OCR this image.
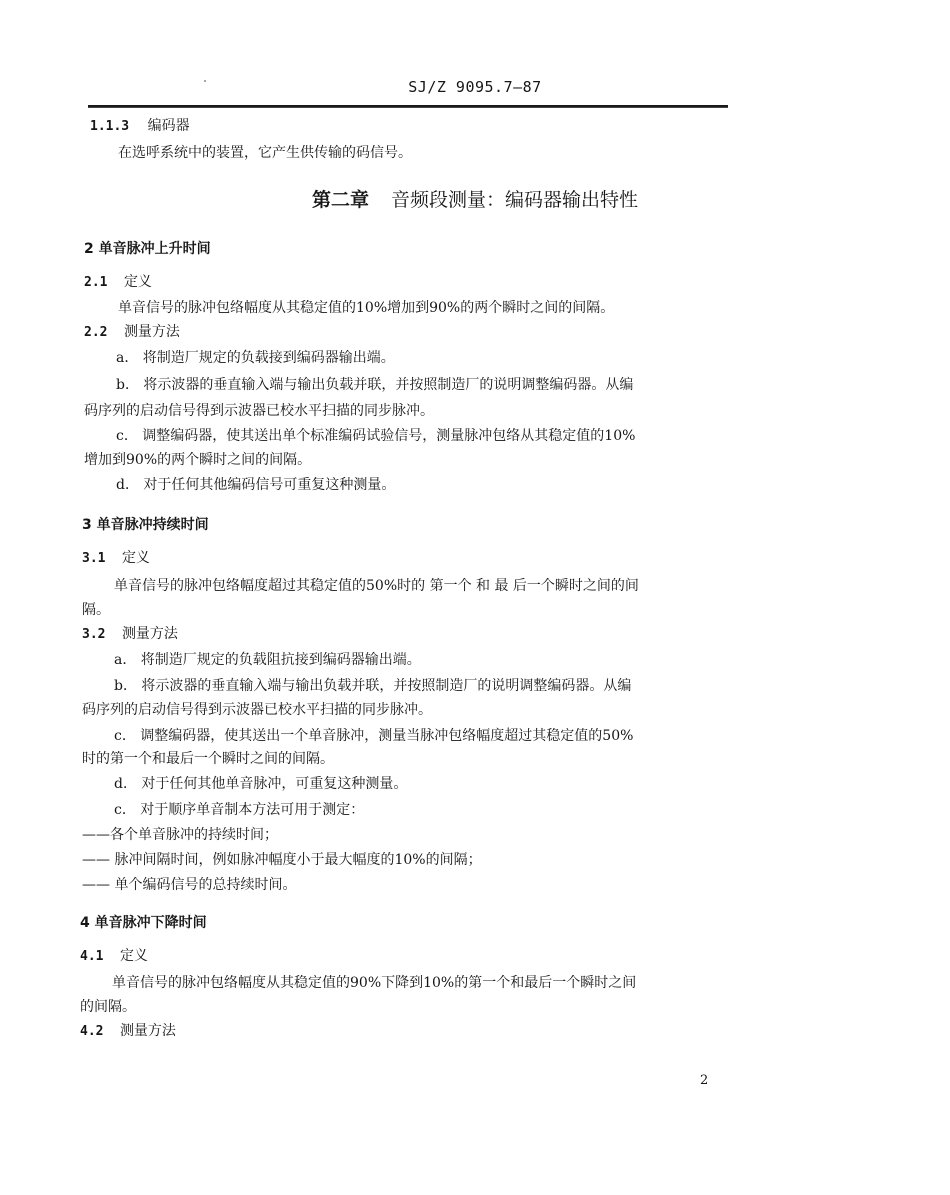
SJ/Z 9095.7—87
1.1.3 编码器
在选呼系统中的装置，它产生供传输的码信号。
第二章 音频段测量：编码器输出特性
2 单音脉冲上升时间
2.1 定义
单音信号的脉冲包络幅度从其稳定值的10%增加到90%的两个瞬时之间的间隔。
2.2 测量方法
a． 将制造厂规定的负载接到编码器输出端。
b． 将示波器的垂直输入端与输出负载并联，并按照制造厂的说明调整编码器。从编
码序列的启动信号得到示波器已校水平扫描的同步脉冲。
c． 调整编码器，使其送出单个标准编码试验信号，测量脉冲包络从其稳定值的10%
增加到90%的两个瞬时之间的间隔。
d． 对于任何其他编码信号可重复这种测量。
3 单音脉冲持续时间
3.1 定义
单音信号的脉冲包络幅度超过其稳定值的50%时的 第一个 和 最 后一个瞬时之间的间
隔。
3.2 测量方法
a． 将制造厂规定的负载阻抗接到编码器输出端。
b． 将示波器的垂直输入端与输出负载并联，并按照制造厂的说明调整编码器。从编
码序列的启动信号得到示波器已校水平扫描的同步脉冲。
c． 调整编码器，使其送出一个单音脉冲，测量当脉冲包络幅度超过其稳定值的50%
时的第一个和最后一个瞬时之间的间隔。
d． 对于任何其他单音脉冲，可重复这种测量。
c． 对于顺序单音制本方法可用于测定：
——各个单音脉冲的持续时间；
—— 脉冲间隔时间，例如脉冲幅度小于最大幅度的10%的间隔；
—— 单个编码信号的总持续时间。
4 单音脉冲下降时间
4.1 定义
单音信号的脉冲包络幅度从其稳定值的90%下降到10%的第一个和最后一个瞬时之间
的间隔。
4.2 测量方法
2
